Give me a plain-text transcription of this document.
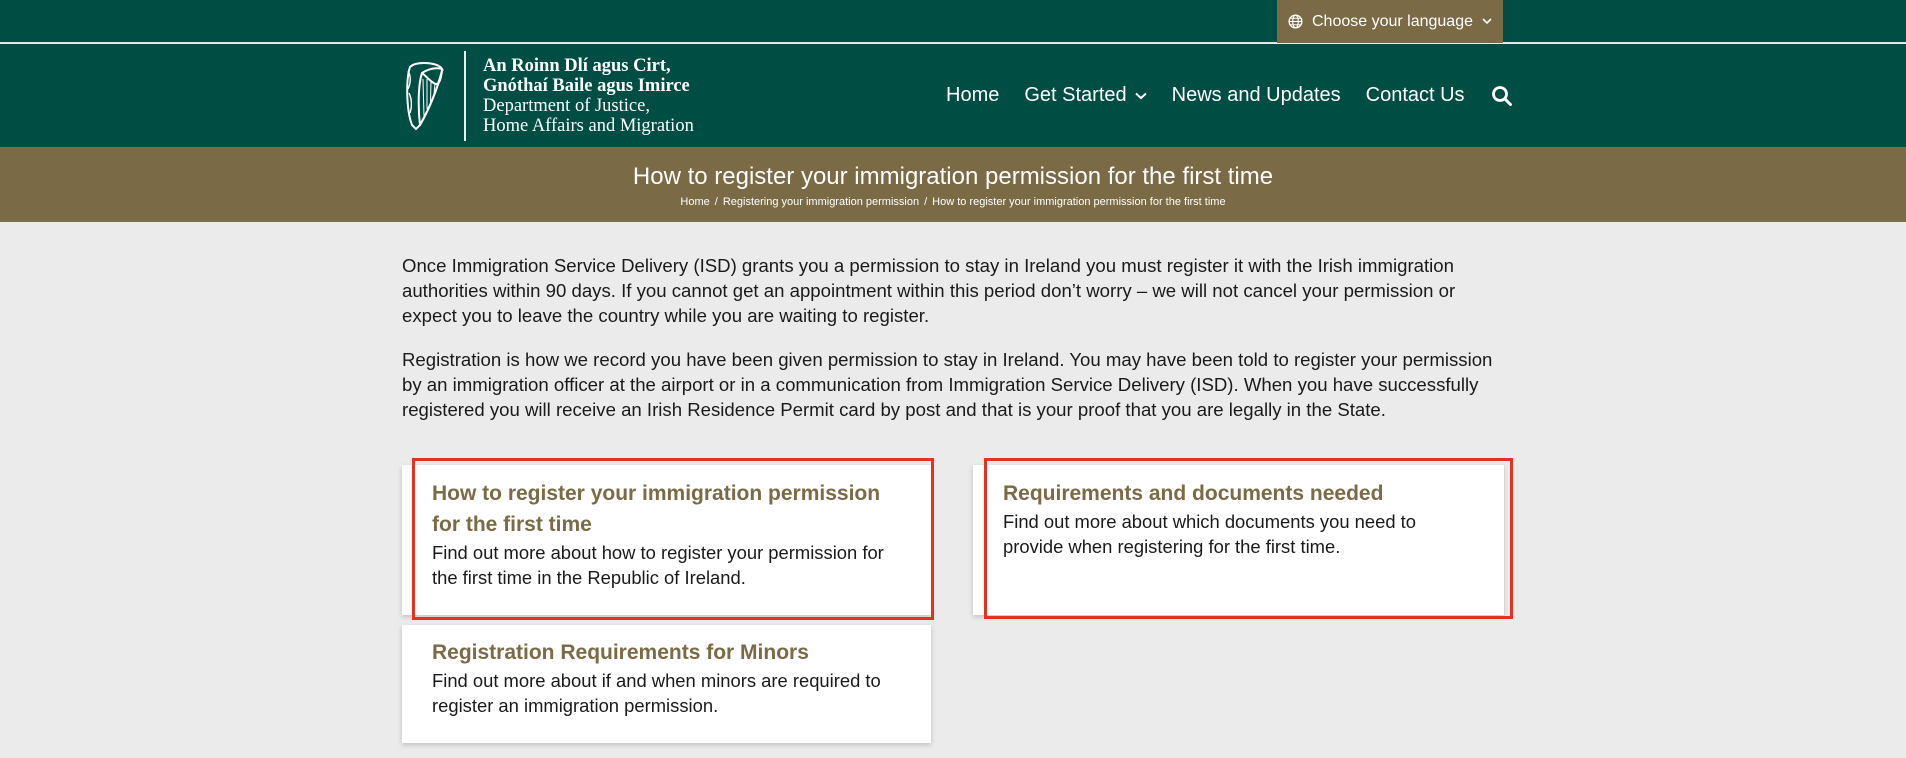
Choose your language
An Roinn Dlí agus Cirt,
Gnóthaí Baile agus Imirce
Department of Justice,
Home Affairs and Migration
Home Get Started News and Updates Contact Us
How to register your immigration permission for the first time
Home / Registering your immigration permission / How to register your immigration permission for the first time

Once Immigration Service Delivery (ISD) grants you a permission to stay in Ireland you must register it with the Irish immigration authorities within 90 days. If you cannot get an appointment within this period don’t worry – we will not cancel your permission or expect you to leave the country while you are waiting to register.

Registration is how we record you have been given permission to stay in Ireland. You may have been told to register your permission by an immigration officer at the airport or in a communication from Immigration Service Delivery (ISD). When you have successfully registered you will receive an Irish Residence Permit card by post and that is your proof that you are legally in the State.

How to register your immigration permission for the first time
Find out more about how to register your permission for the first time in the Republic of Ireland.
Requirements and documents needed
Find out more about which documents you need to provide when registering for the first time.
Registration Requirements for Minors
Find out more about if and when minors are required to register an immigration permission.
